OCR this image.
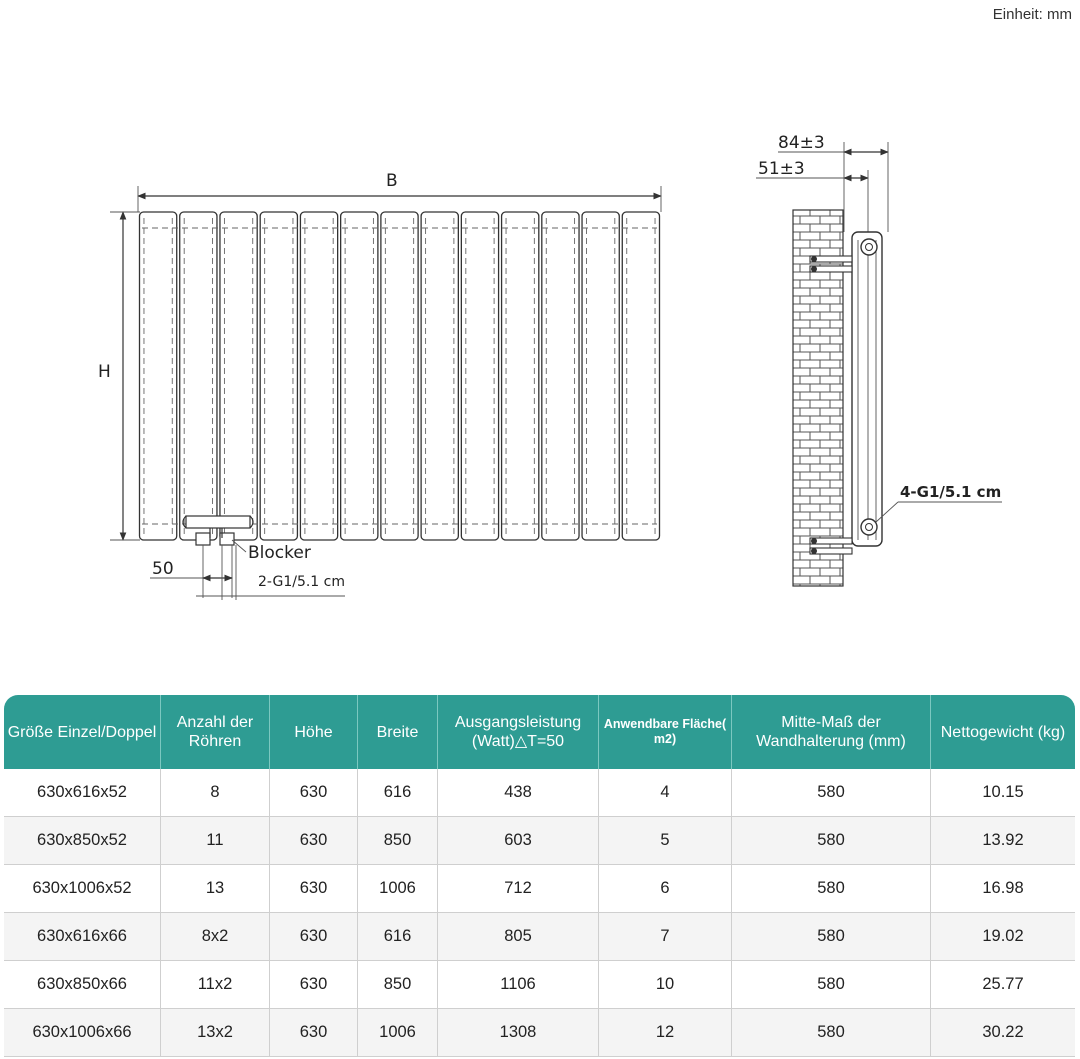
Einheit: mm
B
H
Blocker
50
2-G1/5.1 cm
84±3
51±3
4-G1/5.1 cm
Größe Einzel/Doppel	Anzahl der Röhren	Höhe	Breite	Ausgangsleistung (Watt)△T=50	Anwendbare Fläche( m2)	Mitte-Maß der Wandhalterung (mm)	Nettogewicht (kg)
630x616x52	8	630	616	438	4	580	10.15
630x850x52	11	630	850	603	5	580	13.92
630x1006x52	13	630	1006	712	6	580	16.98
630x616x66	8x2	630	616	805	7	580	19.02
630x850x66	11x2	630	850	1106	10	580	25.77
630x1006x66	13x2	630	1006	1308	12	580	30.22
